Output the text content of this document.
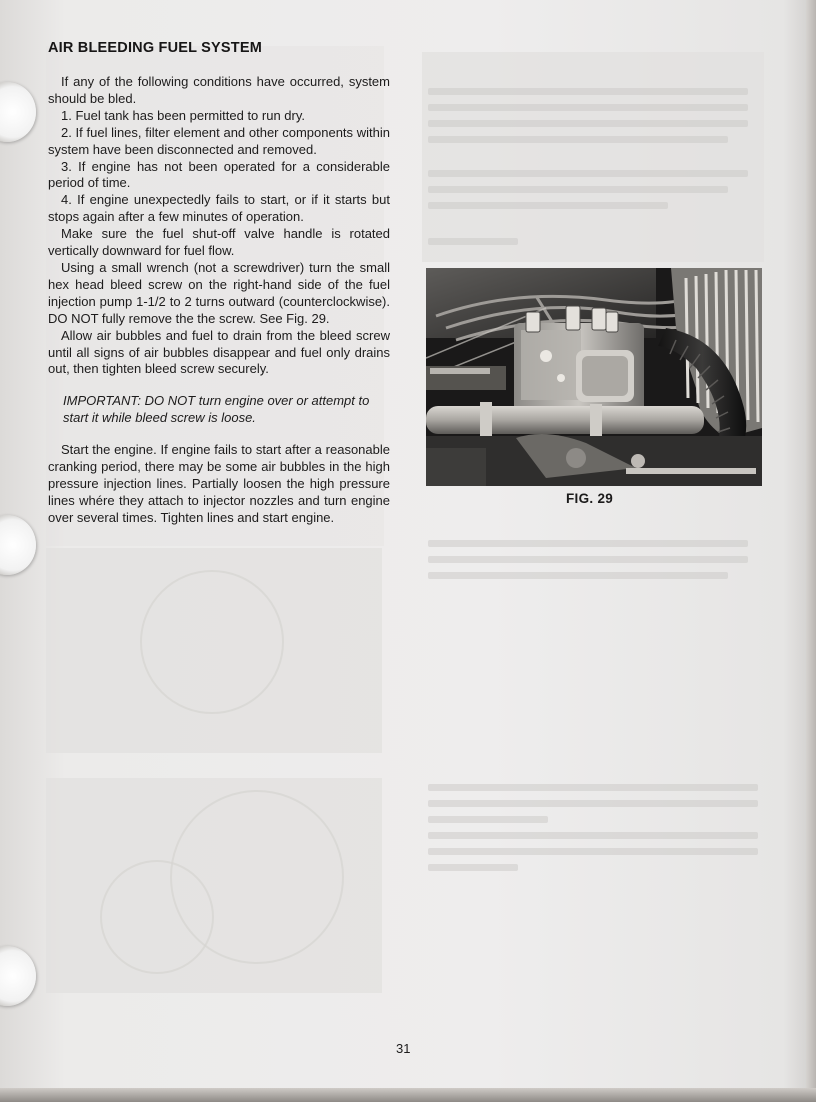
AIR BLEEDING FUEL SYSTEM

If any of the following conditions have occurred, system should be bled.

1. Fuel tank has been permitted to run dry.

2. If fuel lines, filter element and other components within system have been disconnected and removed.

3. If engine has not been operated for a considerable period of time.

4. If engine unexpectedly fails to start, or if it starts but stops again after a few minutes of operation.

Make sure the fuel shut-off valve handle is rotated vertically downward for fuel flow.

Using a small wrench (not a screwdriver) turn the small hex head bleed screw on the right-hand side of the fuel injection pump 1-1/2 to 2 turns outward (counterclockwise). DO NOT fully remove the the screw. See Fig. 29.

Allow air bubbles and fuel to drain from the bleed screw until all signs of air bubbles disappear and fuel only drains out, then tighten bleed screw securely.

IMPORTANT: DO NOT turn engine over or attempt to start it while bleed screw is loose.

Start the engine. If engine fails to start after a reasonable cranking period, there may be some air bubbles in the high pressure injection lines. Partially loosen the high pressure lines whére they attach to injector nozzles and turn engine over several times. Tighten lines and start engine.

FIG. 29

31
